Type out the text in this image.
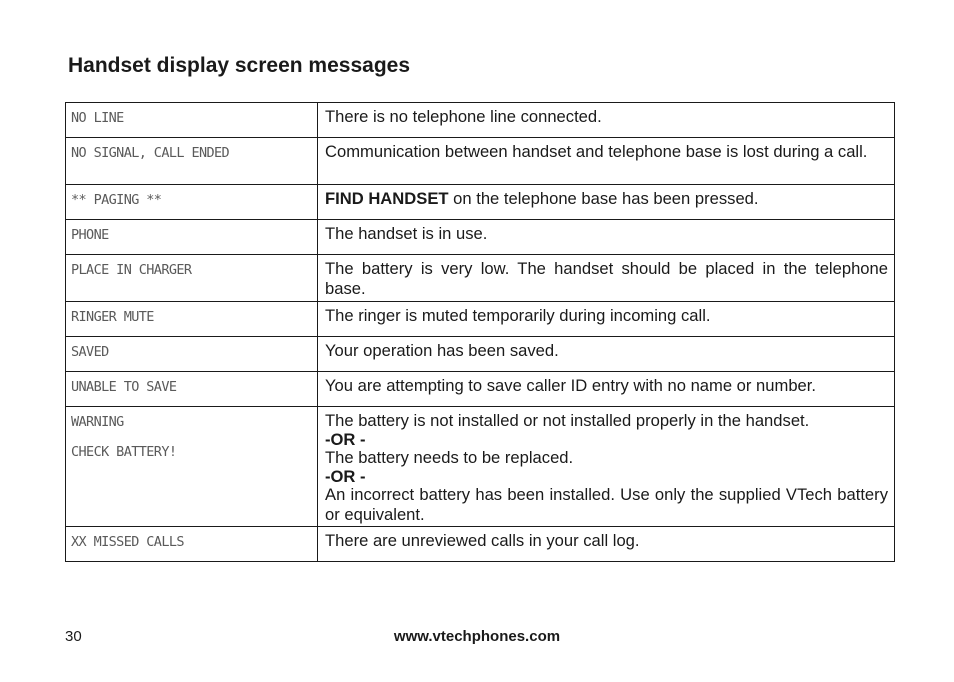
Handset display screen messages
NO LINE	There is no telephone line connected.

NO SIGNAL, CALL ENDED	Communication between handset and telephone base is lost during a call.

** PAGING **	FIND HANDSET on the telephone base has been pressed.

PHONE	The handset is in use.

PLACE IN CHARGER	The battery is very low. The handset should be placed in the telephone base.

RINGER MUTE	The ringer is muted temporarily during incoming call.

SAVED	Your operation has been saved.

UNABLE TO SAVE	You are attempting to save caller ID entry with no name or number.

WARNING
CHECK BATTERY!	The battery is not installed or not installed properly in the handset.
-OR -
The battery needs to be replaced.
-OR -
An incorrect battery has been installed. Use only the supplied VTech battery or equivalent.

XX MISSED CALLS	There are unreviewed calls in your call log.
30	www.vtechphones.com
